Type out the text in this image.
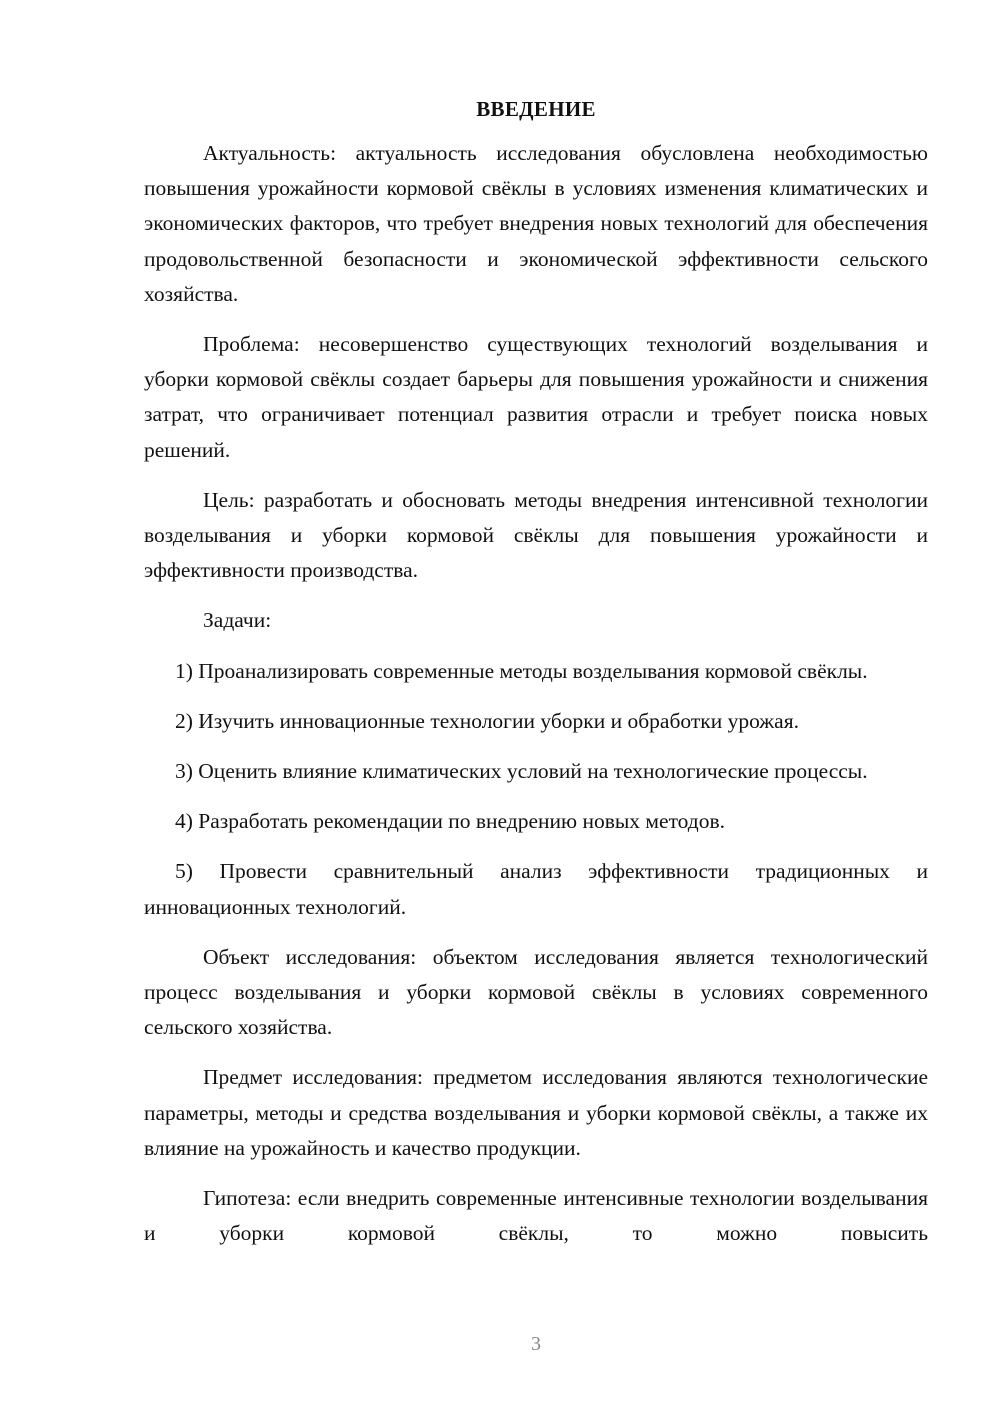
ВВЕДЕНИЕ

Актуальность: актуальность исследования обусловлена необходимостью повышения урожайности кормовой свёклы в условиях изменения климатических и экономических факторов, что требует внедрения новых технологий для обеспечения продовольственной безопасности и экономической эффективности сельского хозяйства.

Проблема: несовершенство существующих технологий возделывания и уборки кормовой свёклы создает барьеры для повышения урожайности и снижения затрат, что ограничивает потенциал развития отрасли и требует поиска новых решений.

Цель: разработать и обосновать методы внедрения интенсивной технологии возделывания и уборки кормовой свёклы для повышения урожайности и эффективности производства.

Задачи:

1) Проанализировать современные методы возделывания кормовой свёклы.

2) Изучить инновационные технологии уборки и обработки урожая.

3) Оценить влияние климатических условий на технологические процессы.

4) Разработать рекомендации по внедрению новых методов.

5) Провести сравнительный анализ эффективности традиционных и инновационных технологий.

Объект исследования: объектом исследования является технологический процесс возделывания и уборки кормовой свёклы в условиях современного сельского хозяйства.

Предмет исследования: предметом исследования являются технологические параметры, методы и средства возделывания и уборки кормовой свёклы, а также их влияние на урожайность и качество продукции.

Гипотеза: если внедрить современные интенсивные технологии возделывания и уборки кормовой свёклы, то можно повысить

3
